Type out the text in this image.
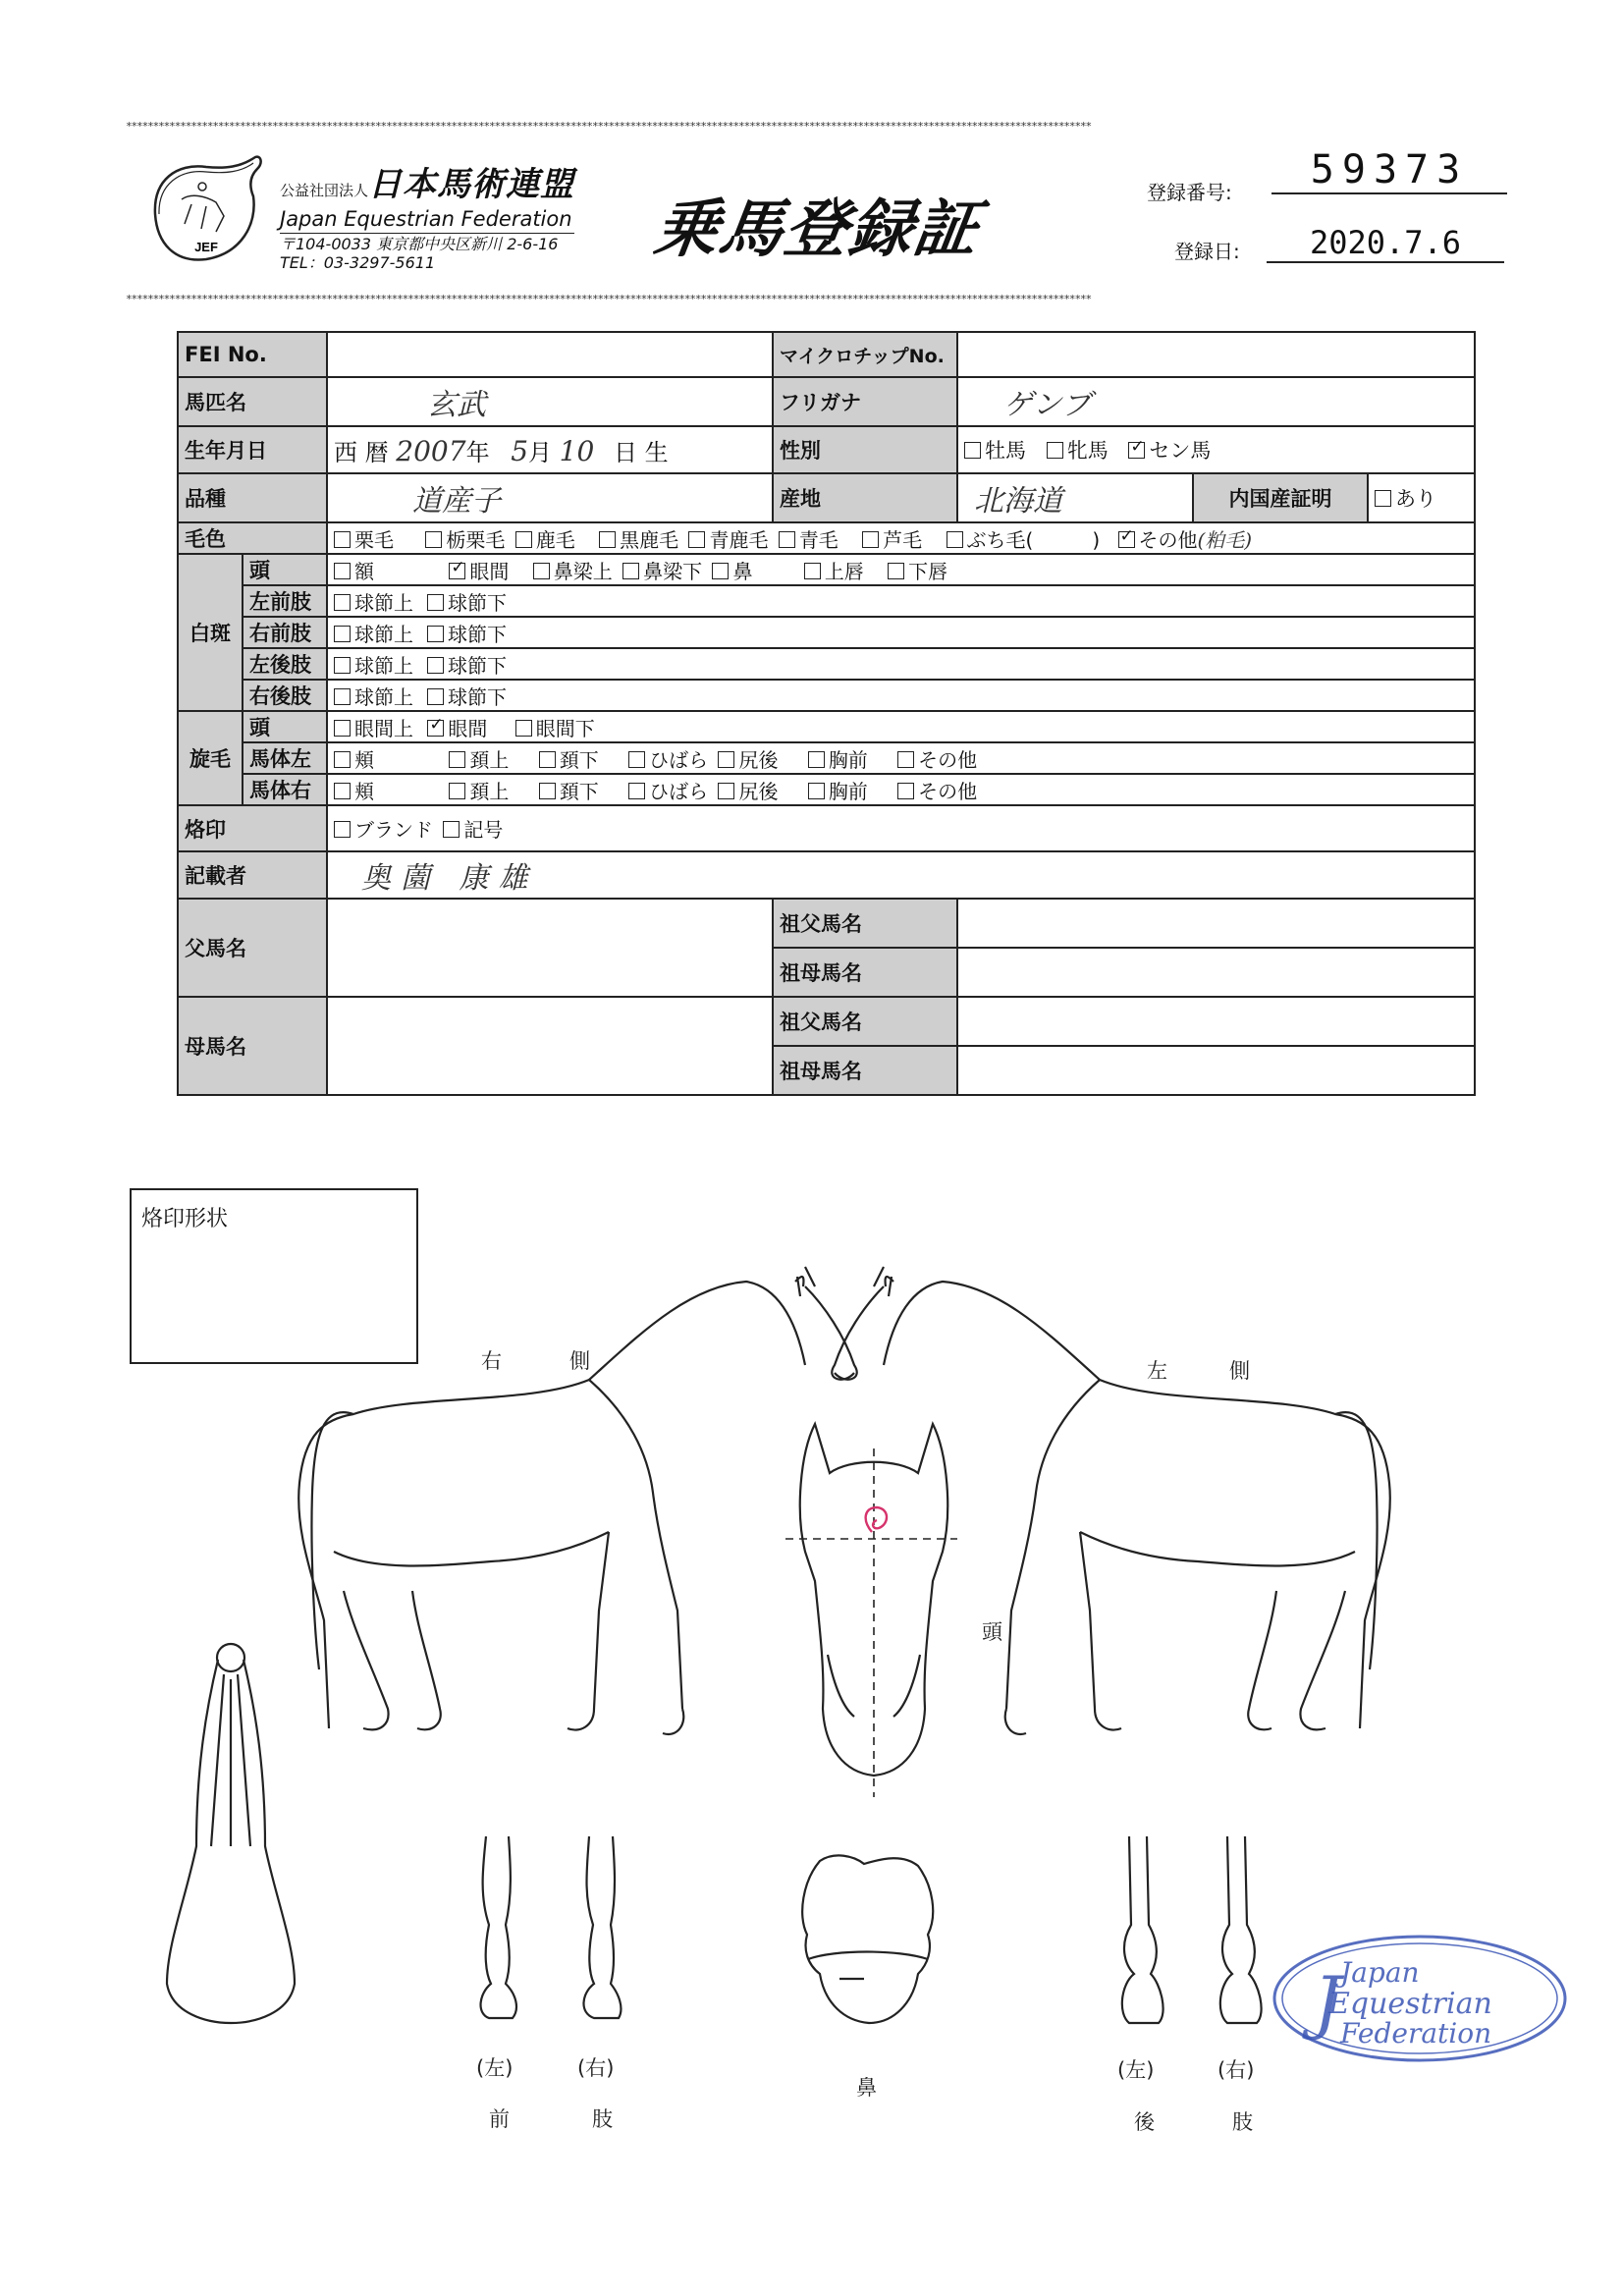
**********************************************************************************************************************************************************************************
**********************************************************************************************************************************************************************************
JEF
公益社団法人日本馬術連盟
Japan Equestrian Federation
〒104-0033 東京都中央区新川 2-6-16
TEL：03-3297-5611	乗馬登録証
登録番号:	59373
登録日:	2020.7.6
FEI No.			マイクロチップNo.			
馬匹名		玄武	フリガナ	ゲンブ		
生年月日		西 暦 2007年 5月 10 日 生	性別	牡馬 牝馬 ✓ セン馬
品種		道産子	産地	北海道	内国産証明	あり
毛色		栗毛 栃栗毛 鹿毛 黒鹿毛 青鹿毛 青毛 芦毛 ぶち毛(　　　) ✓ その他(粕毛)
白斑	頭	額 ✓ 眼間 鼻梁上 鼻梁下 鼻 上唇 下唇
	左前肢	球節上 球節下				
	右前肢	球節上 球節下				
	左後肢	球節上 球節下				
	右後肢	球節上 球節下				
旋毛	頭	眼間上 ✓ 眼間 眼間下
	馬体左	頬 頚上 頚下 ひばら 尻後 胸前 その他				
	馬体右	頬 頚上 頚下 ひばら 尻後 胸前 その他				
烙印		ブランド 記号				
記載者		奥薗 康雄				
父馬名			祖父馬名			
			祖母馬名			
母馬名			祖父馬名			
			祖母馬名			
烙印形状
右	側	左	側
頭
鼻
(左)	(右)
前	肢
(左)	(右)
後	肢
J
Japan
Equestrian
Federation
